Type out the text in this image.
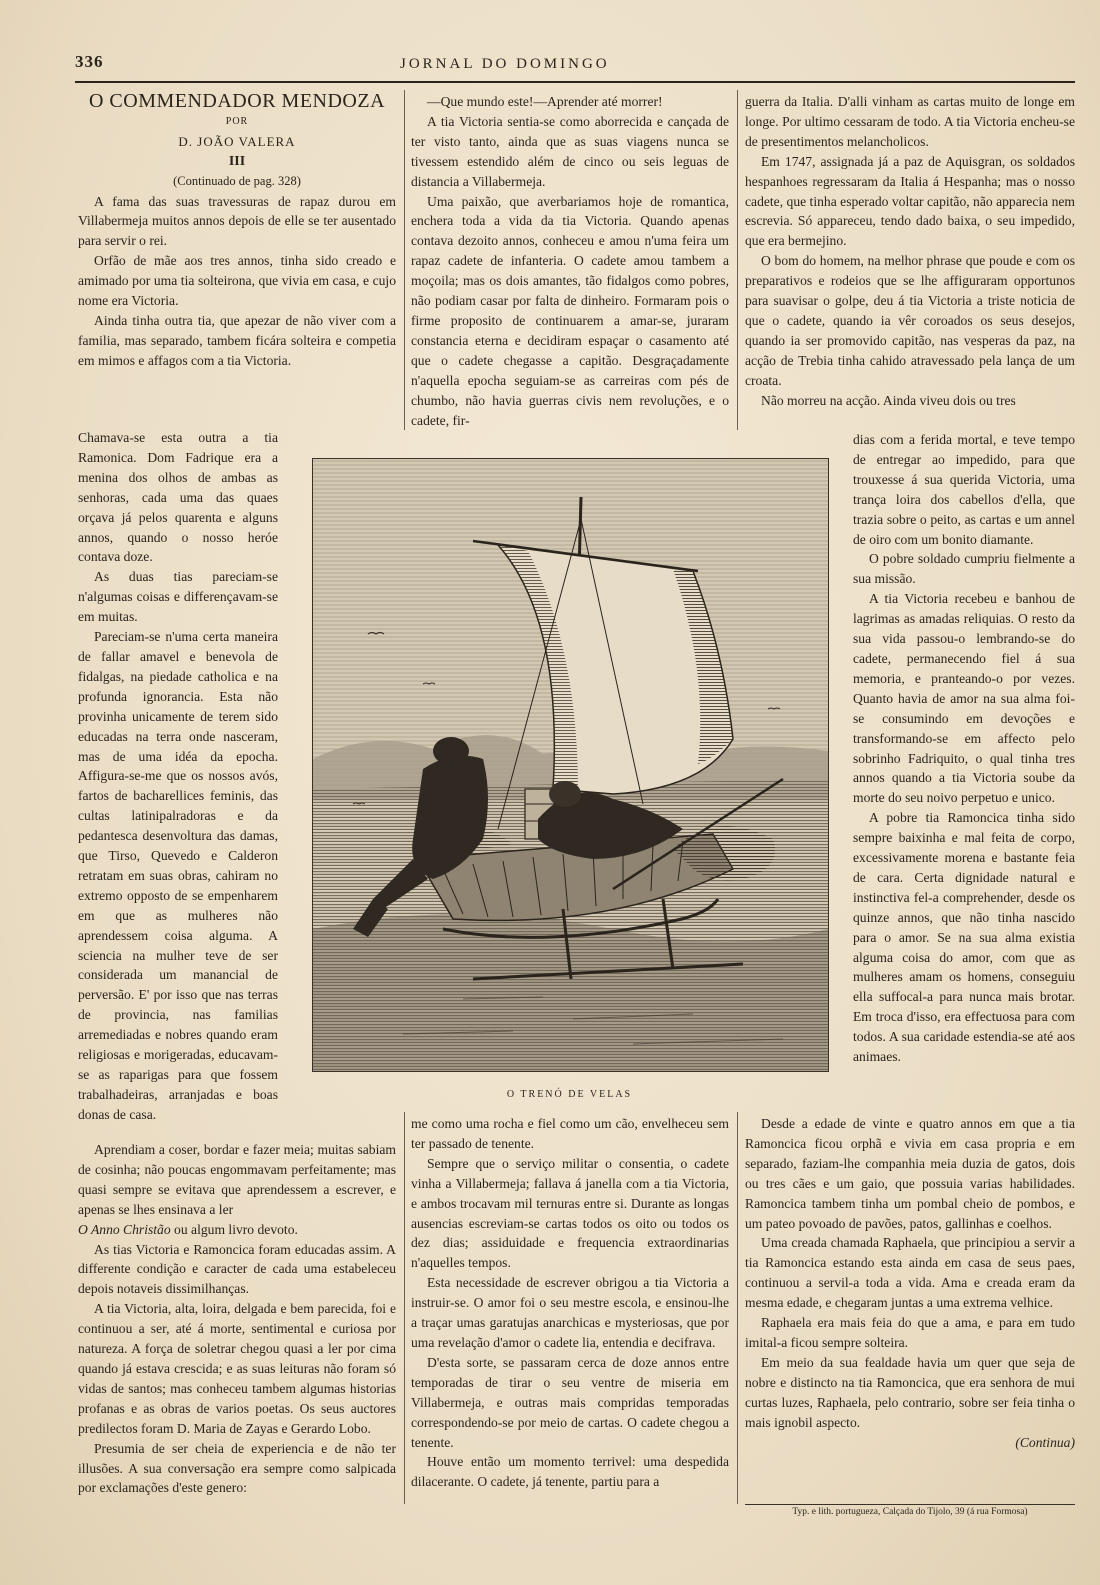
336	JORNAL DO DOMINGO

O COMMENDADOR MENDOZA

POR

D. JOÃO VALERA

III

(Continuado de pag. 328)

A fama das suas travessuras de rapaz durou em Villabermeja muitos annos depois de elle se ter ausentado para servir o rei.

Orfão de mãe aos tres annos, tinha sido creado e amimado por uma tia solteirona, que vivia em casa, e cujo nome era Victoria.

Ainda tinha outra tia, que apezar de não viver com a familia, mas separado, tambem ficára solteira e competia em mimos e affagos com a tia Victoria.

Chamava-se esta outra a tia Ramonica. Dom Fadrique era a menina dos olhos de ambas as senhoras, cada uma das quaes orçava já pelos quarenta e alguns annos, quando o nosso heróe contava doze.

As duas tias pareciam-se n'algumas coisas e differençavam-se em muitas.

Pareciam-se n'uma certa maneira de fallar amavel e benevola de fidalgas, na piedade catholica e na profunda ignorancia. Esta não provinha unicamente de terem sido educadas na terra onde nasceram, mas de uma idéa da epocha. Affigura-se-me que os nossos avós, fartos de bacharellices feminis, das cultas latinipalradoras e da pedantesca desenvoltura das damas, que Tirso, Quevedo e Calderon retratam em suas obras, cahiram no extremo opposto de se empenharem em que as mulheres não aprendessem coisa alguma. A sciencia na mulher teve de ser considerada um manancial de perversão. E' por isso que nas terras de provincia, nas familias arremediadas e nobres quando eram religiosas e morigeradas, educavam-se as raparigas para que fossem trabalhadeiras, arranjadas e boas donas de casa.

Aprendiam a coser, bordar e fazer meia; muitas sabiam de cosinha; não poucas engommavam perfeitamente; mas quasi sempre se evitava que aprendessem a escrever, e apenas se lhes ensinava a ler
O Anno Christão ou algum livro devoto.

As tias Victoria e Ramoncica foram educadas assim. A differente condição e caracter de cada uma estabeleceu depois notaveis dissimilhanças.

A tia Victoria, alta, loira, delgada e bem parecida, foi e continuou a ser, até á morte, sentimental e curiosa por natureza. A força de soletrar chegou quasi a ler por cima quando já estava crescida; e as suas leituras não foram só vidas de santos; mas conheceu tambem algumas historias profanas e as obras de varios poetas. Os seus auctores predilectos foram D. Maria de Zayas e Gerardo Lobo.

Presumia de ser cheia de experiencia e de não ter illusões. A sua conversação era sempre como salpicada por exclamações d'este genero:

—Que mundo este!—Aprender até morrer!

A tia Victoria sentia-se como aborrecida e cançada de ter visto tanto, ainda que as suas viagens nunca se tivessem estendido além de cinco ou seis leguas de distancia a Villabermeja.

Uma paixão, que averbariamos hoje de romantica, enchera toda a vida da tia Victoria. Quando apenas contava dezoito annos, conheceu e amou n'uma feira um rapaz cadete de infanteria. O cadete amou tambem a moçoila; mas os dois amantes, tão fidalgos como pobres, não podiam casar por falta de dinheiro. Formaram pois o firme proposito de continuarem a amar-se, juraram constancia eterna e decidiram espaçar o casamento até que o cadete chegasse a capitão. Desgraçadamente n'aquella epocha seguiam-se as carreiras com pés de chumbo, não havia guerras civis nem revoluções, e o cadete, fir-

O TRENÓ DE VELAS

me como uma rocha e fiel como um cão, envelheceu sem ter passado de tenente.

Sempre que o serviço militar o consentia, o cadete vinha a Villabermeja; fallava á janella com a tia Victoria, e ambos trocavam mil ternuras entre si. Durante as longas ausencias escreviam-se cartas todos os oito ou todos os dez dias; assiduidade e frequencia extraordinarias n'aquelles tempos.

Esta necessidade de escrever obrigou a tia Victoria a instruir-se. O amor foi o seu mestre escola, e ensinou-lhe a traçar umas garatujas anarchicas e mysteriosas, que por uma revelação d'amor o cadete lia, entendia e decifrava.

D'esta sorte, se passaram cerca de doze annos entre temporadas de tirar o seu ventre de miseria em Villabermeja, e outras mais compridas temporadas correspondendo-se por meio de cartas. O cadete chegou a tenente.

Houve então um momento terrivel: uma despedida dilacerante. O cadete, já tenente, partiu para a

guerra da Italia. D'alli vinham as cartas muito de longe em longe. Por ultimo cessaram de todo. A tia Victoria encheu-se de presentimentos melancholicos.

Em 1747, assignada já a paz de Aquisgran, os soldados hespanhoes regressaram da Italia á Hespanha; mas o nosso cadete, que tinha esperado voltar capitão, não apparecia nem escrevia. Só appareceu, tendo dado baixa, o seu impedido, que era bermejino.

O bom do homem, na melhor phrase que poude e com os preparativos e rodeios que se lhe affiguraram opportunos para suavisar o golpe, deu á tia Victoria a triste noticia de que o cadete, quando ia vêr coroados os seus desejos, quando ia ser promovido capitão, nas vesperas da paz, na acção de Trebia tinha cahido atravessado pela lança de um croata.

Não morreu na acção. Ainda viveu dois ou tres

dias com a ferida mortal, e teve tempo de entregar ao impedido, para que trouxesse á sua querida Victoria, uma trança loira dos cabellos d'ella, que trazia sobre o peito, as cartas e um annel de oiro com um bonito diamante.

O pobre soldado cumpriu fielmente a sua missão.

A tia Victoria recebeu e banhou de lagrimas as amadas reliquias. O resto da sua vida passou-o lembrando-se do cadete, permanecendo fiel á sua memoria, e pranteando-o por vezes. Quanto havia de amor na sua alma foi-se consumindo em devoções e transformando-se em affecto pelo sobrinho Fadriquito, o qual tinha tres annos quando a tia Victoria soube da morte do seu noivo perpetuo e unico.

A pobre tia Ramoncica tinha sido sempre baixinha e mal feita de corpo, excessivamente morena e bastante feia de cara. Certa dignidade natural e instinctiva fel-a comprehender, desde os quinze annos, que não tinha nascido para o amor. Se na sua alma existia alguma coisa do amor, com que as mulheres amam os homens, conseguiu ella suffocal-a para nunca mais brotar. Em troca d'isso, era effectuosa para com todos. A sua caridade estendia-se até aos animaes.

Desde a edade de vinte e quatro annos em que a tia Ramoncica ficou orphã e vivia em casa propria e em separado, faziam-lhe companhia meia duzia de gatos, dois ou tres cães e um gaio, que possuia varias habilidades. Ramoncica tambem tinha um pombal cheio de pombos, e um pateo povoado de pavões, patos, gallinhas e coelhos.

Uma creada chamada Raphaela, que principiou a servir a tia Ramoncica estando esta ainda em casa de seus paes, continuou a servil-a toda a vida. Ama e creada eram da mesma edade, e chegaram juntas a uma extrema velhice.

Raphaela era mais feia do que a ama, e para em tudo imital-a ficou sempre solteira.

Em meio da sua fealdade havia um quer que seja de nobre e distincto na tia Ramoncica, que era senhora de mui curtas luzes, Raphaela, pelo contrario, sobre ser feia tinha o mais ignobil aspecto.

(Continua)

Typ. e lith. portugueza, Calçada do Tijolo, 39 (á rua Formosa)
